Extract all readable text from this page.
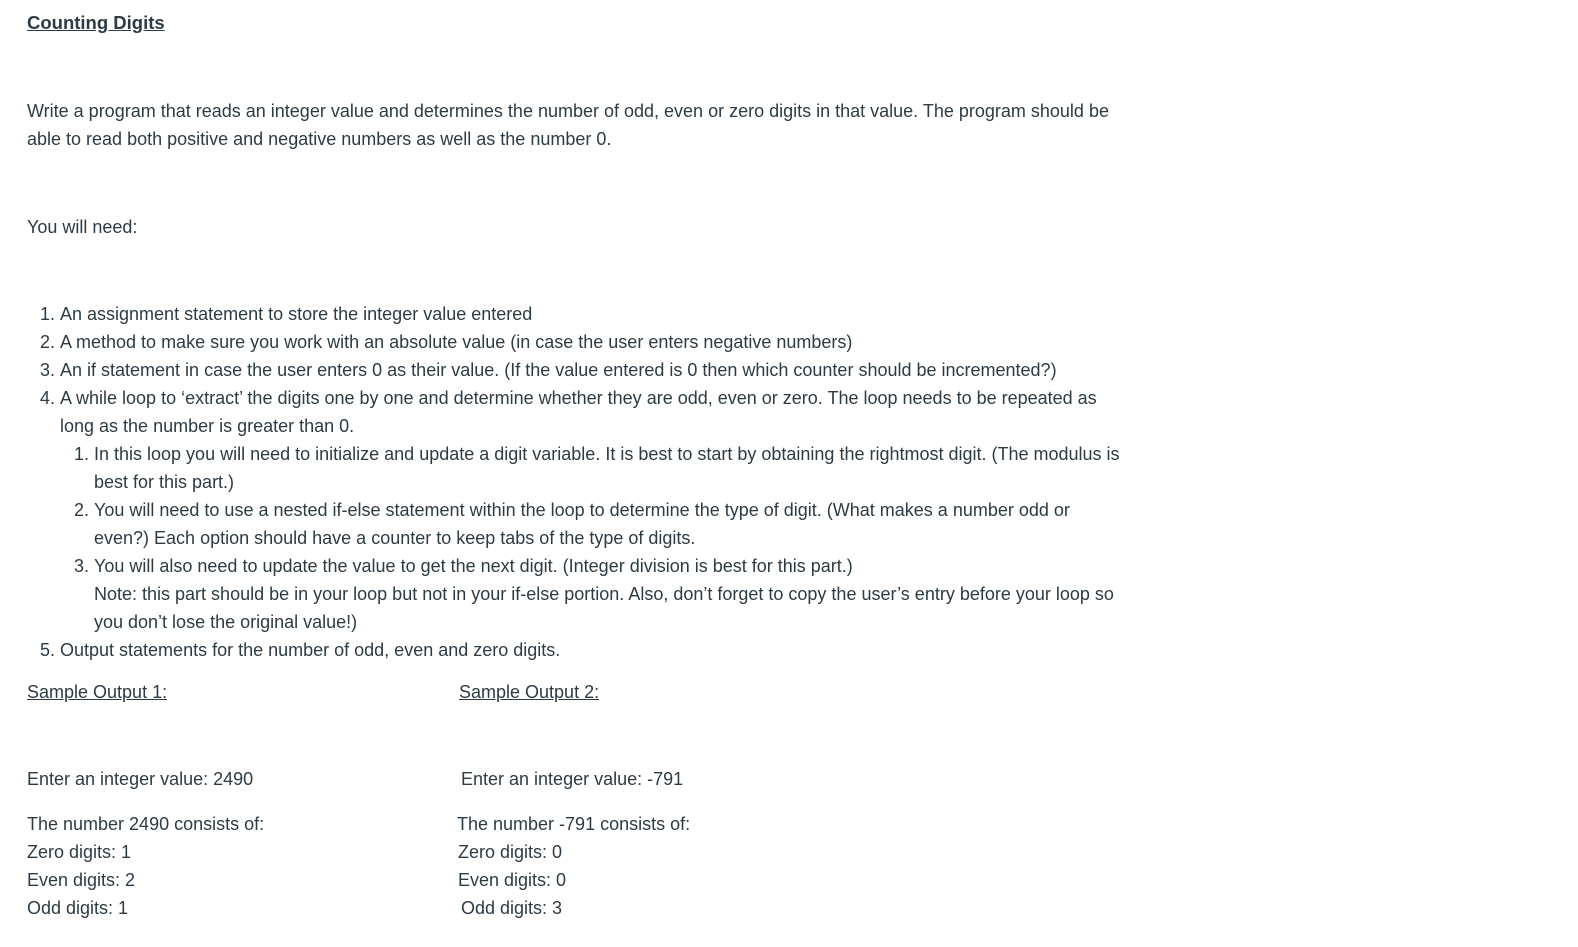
Counting Digits
Write a program that reads an integer value and determines the number of odd, even or zero digits in that value. The program should be
able to read both positive and negative numbers as well as the number 0.
You will need:
1. An assignment statement to store the integer value entered
2. A method to make sure you work with an absolute value (in case the user enters negative numbers)
3. An if statement in case the user enters 0 as their value. (If the value entered is 0 then which counter should be incremented?)
4. A while loop to ‘extract’ the digits one by one and determine whether they are odd, even or zero. The loop needs to be repeated as
long as the number is greater than 0.
1. In this loop you will need to initialize and update a digit variable. It is best to start by obtaining the rightmost digit. (The modulus is
best for this part.)
2. You will need to use a nested if-else statement within the loop to determine the type of digit. (What makes a number odd or
even?) Each option should have a counter to keep tabs of the type of digits.
3. You will also need to update the value to get the next digit. (Integer division is best for this part.)
Note: this part should be in your loop but not in your if-else portion. Also, don’t forget to copy the user’s entry before your loop so
you don’t lose the original value!)
5. Output statements for the number of odd, even and zero digits.
Sample Output 1:
Enter an integer value: 2490
The number 2490 consists of:
Zero digits: 1
Even digits: 2
Odd digits: 1
Sample Output 2:
Enter an integer value: -791
The number -791 consists of:
Zero digits: 0
Even digits: 0
Odd digits: 3
